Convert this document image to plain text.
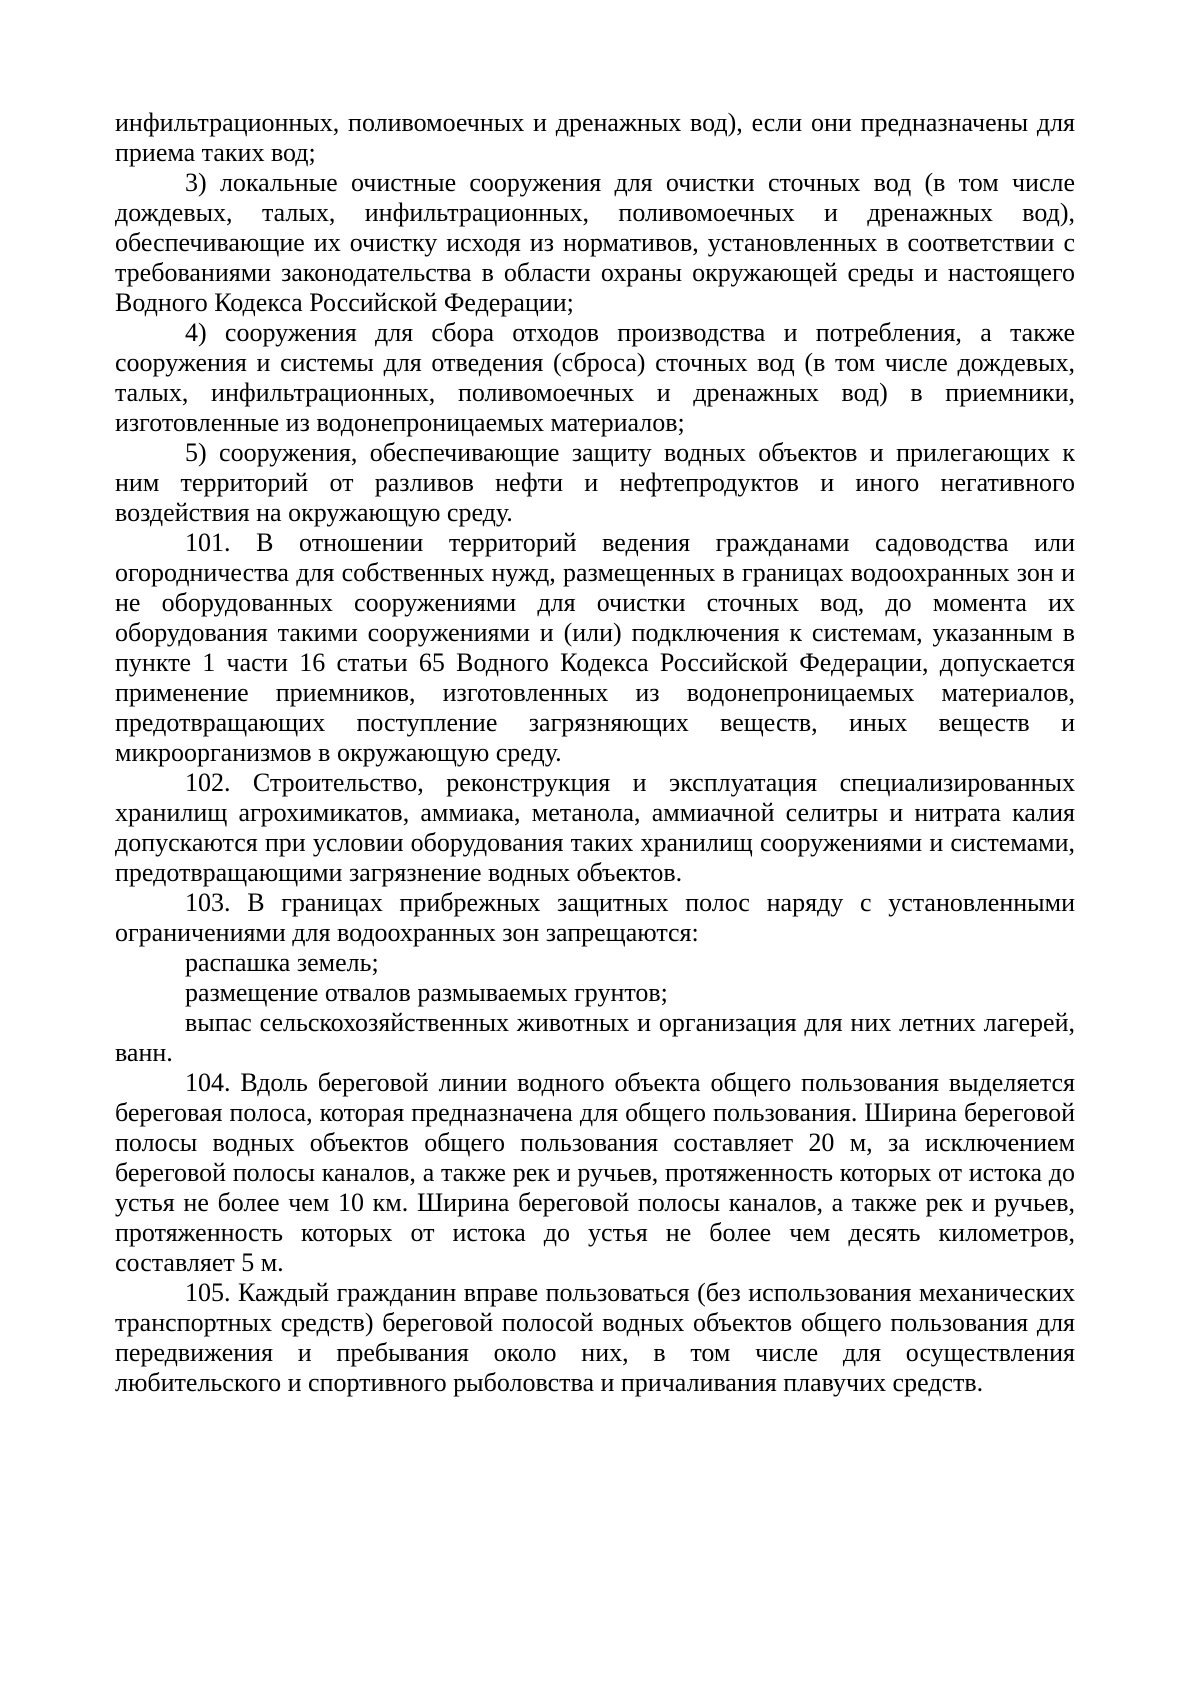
инфильтрационных, поливомоечных и дренажных вод), если они предназначены для приема таких вод;

3) локальные очистные сооружения для очистки сточных вод (в том числе дождевых, талых, инфильтрационных, поливомоечных и дренажных вод), обеспечивающие их очистку исходя из нормативов, установленных в соответствии с требованиями законодательства в области охраны окружающей среды и настоящего Водного Кодекса Российской Федерации;

4) сооружения для сбора отходов производства и потребления, а также сооружения и системы для отведения (сброса) сточных вод (в том числе дождевых, талых, инфильтрационных, поливомоечных и дренажных вод) в приемники, изготовленные из водонепроницаемых материалов;

5) сооружения, обеспечивающие защиту водных объектов и прилегающих к ним территорий от разливов нефти и нефтепродуктов и иного негативного воздействия на окружающую среду.

101. В отношении территорий ведения гражданами садоводства или огородничества для собственных нужд, размещенных в границах водоохранных зон и не оборудованных сооружениями для очистки сточных вод, до момента их оборудования такими сооружениями и (или) подключения к системам, указанным в пункте 1 части 16 статьи 65 Водного Кодекса Российской Федерации, допускается применение приемников, изготовленных из водонепроницаемых материалов, предотвращающих поступление загрязняющих веществ, иных веществ и микроорганизмов в окружающую среду.

102. Строительство, реконструкция и эксплуатация специализированных хранилищ агрохимикатов, аммиака, метанола, аммиачной селитры и нитрата калия допускаются при условии оборудования таких хранилищ сооружениями и системами, предотвращающими загрязнение водных объектов.

103. В границах прибрежных защитных полос наряду с установленными ограничениями для водоохранных зон запрещаются:

распашка земель;

размещение отвалов размываемых грунтов;

выпас сельскохозяйственных животных и организация для них летних лагерей, ванн.

104. Вдоль береговой линии водного объекта общего пользования выделяется береговая полоса, которая предназначена для общего пользования. Ширина береговой полосы водных объектов общего пользования составляет 20 м, за исключением береговой полосы каналов, а также рек и ручьев, протяженность которых от истока до устья не более чем 10 км. Ширина береговой полосы каналов, а также рек и ручьев, протяженность которых от истока до устья не более чем десять километров, составляет 5 м.

105. Каждый гражданин вправе пользоваться (без использования механических транспортных средств) береговой полосой водных объектов общего пользования для передвижения и пребывания около них, в том числе для осуществления любительского и спортивного рыболовства и причаливания плавучих средств.
